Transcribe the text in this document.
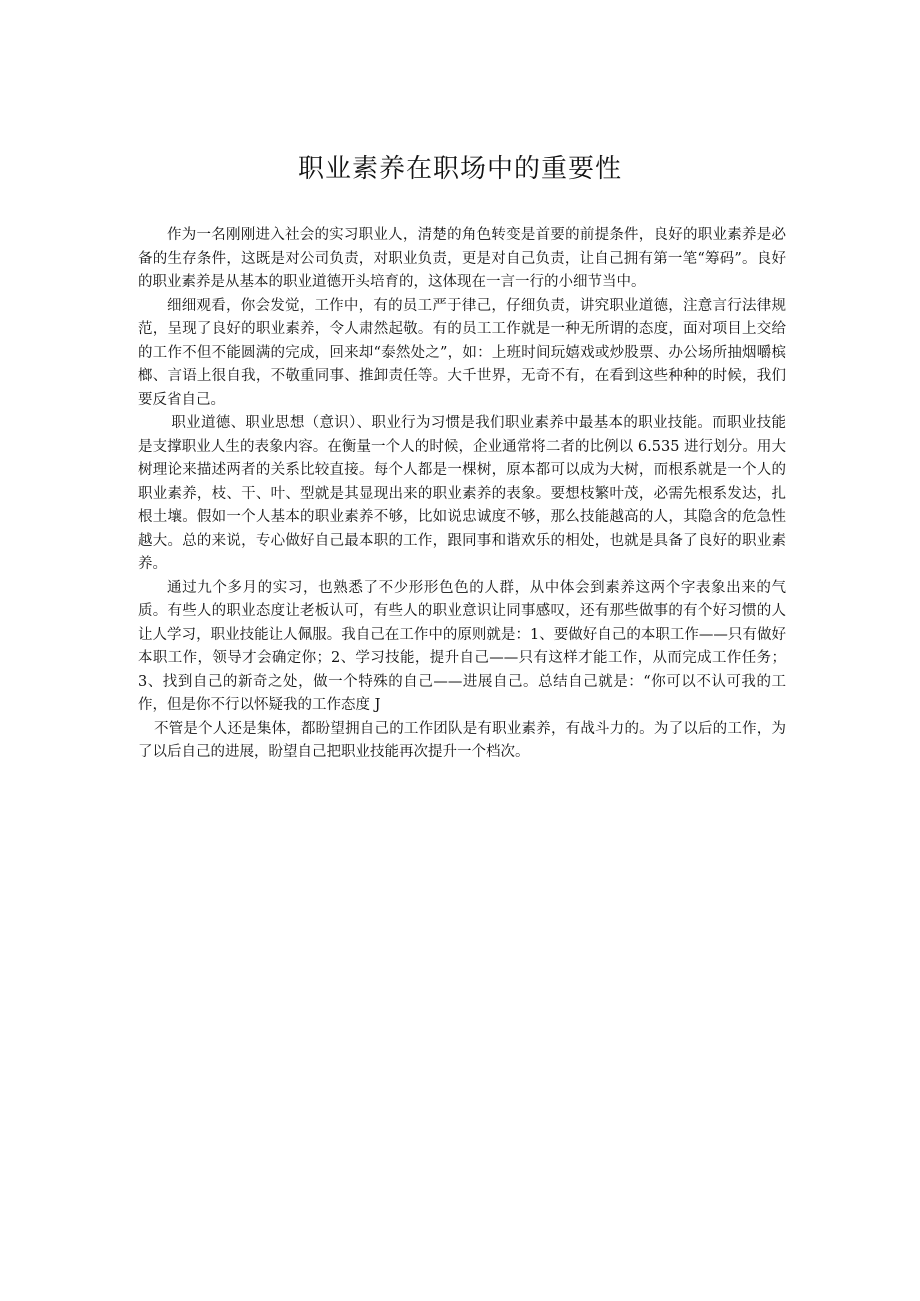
职业素养在职场中的重要性

作为一名刚刚进入社会的实习职业人，清楚的角色转变是首要的前提条件，良好的职业素养是必备的生存条件，这既是对公司负责，对职业负责，更是对自己负责，让自己拥有第一笔“筹码”。良好的职业素养是从基本的职业道德开头培育的，这体现在一言一行的小细节当中。

细细观看，你会发觉，工作中，有的员工严于律己，仔细负责，讲究职业道德，注意言行法律规范，呈现了良好的职业素养，令人肃然起敬。有的员工工作就是一种无所谓的态度，面对项目上交给的工作不但不能圆满的完成，回来却“泰然处之”，如：上班时间玩嬉戏或炒股票、办公场所抽烟嚼槟榔、言语上很自我，不敬重同事、推卸责任等。大千世界，无奇不有，在看到这些种种的时候，我们要反省自己。

职业道德、职业思想（意识）、职业行为习惯是我们职业素养中最基本的职业技能。而职业技能是支撑职业人生的表象内容。在衡量一个人的时候，企业通常将二者的比例以 6.535 进行划分。用大树理论来描述两者的关系比较直接。每个人都是一棵树，原本都可以成为大树，而根系就是一个人的职业素养，枝、干、叶、型就是其显现出来的职业素养的表象。要想枝繁叶茂，必需先根系发达，扎根土壤。假如一个人基本的职业素养不够，比如说忠诚度不够，那么技能越高的人，其隐含的危急性越大。总的来说，专心做好自己最本职的工作，跟同事和谐欢乐的相处，也就是具备了良好的职业素养。

通过九个多月的实习，也熟悉了不少形形色色的人群，从中体会到素养这两个字表象出来的气质。有些人的职业态度让老板认可，有些人的职业意识让同事感叹，还有那些做事的有个好习惯的人让人学习，职业技能让人佩服。我自己在工作中的原则就是：1、要做好自己的本职工作——只有做好本职工作，领导才会确定你；2、学习技能，提升自己——只有这样才能工作，从而完成工作任务；3、找到自己的新奇之处，做一个特殊的自己——进展自己。总结自己就是：“你可以不认可我的工作，但是你不行以怀疑我的工作态度 J

不管是个人还是集体，都盼望拥自己的工作团队是有职业素养，有战斗力的。为了以后的工作，为了以后自己的进展，盼望自己把职业技能再次提升一个档次。
